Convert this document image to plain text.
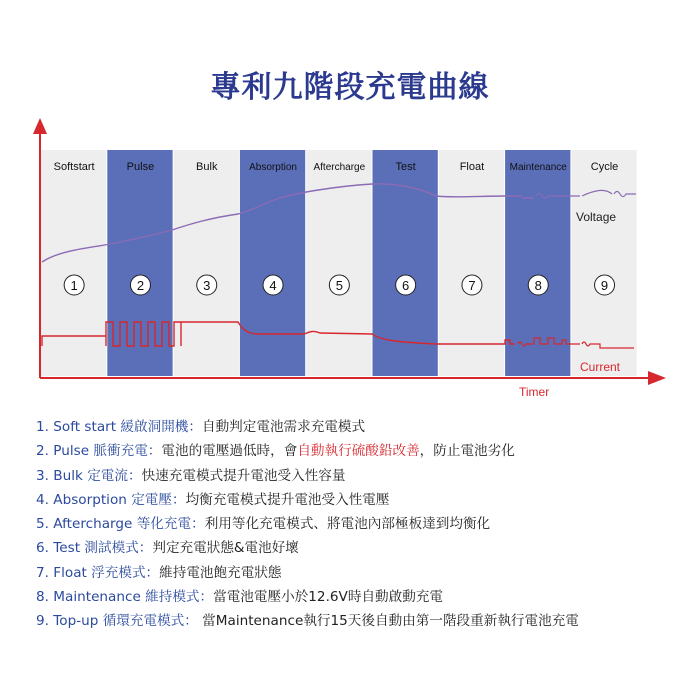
專利九階段充電曲線
Voltage
Current
Timer
Softstart
1
Pulse
2
Bulk
3
Absorption
4
Aftercharge
5
Test
6
Float
7
Maintenance
8
Cycle
9
1. Soft start 緩啟洞開機：自動判定電池需求充電模式
2. Pulse 脈衝充電：電池的電壓過低時，會自動執行硫酸鉛改善，防止電池劣化
3. Bulk 定電流：快速充電模式提升電池受入性容量
4. Absorption 定電壓：均衡充電模式提升電池受入性電壓
5. Aftercharge 等化充電：利用等化充電模式、將電池內部極板達到均衡化
6. Test 測試模式：判定充電狀態&電池好壞
7. Float 浮充模式：維持電池飽充電狀態
8. Maintenance 維持模式：當電池電壓小於12.6V時自動啟動充電
9. Top-up 循環充電模式： 當Maintenance執行15天後自動由第一階段重新執行電池充電
